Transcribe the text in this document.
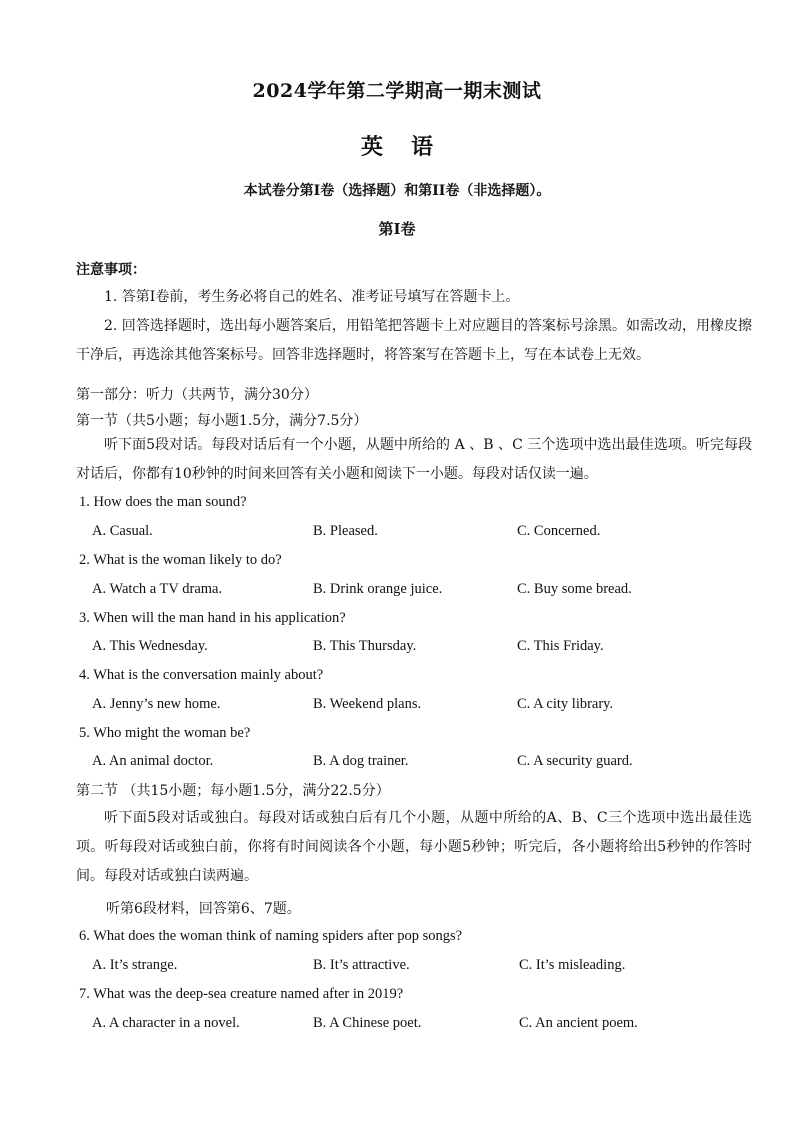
2024学年第二学期高一期末测试
英语
本试卷分第I卷（选择题）和第II卷（非选择题）。
第I卷
注意事项：
1. 答第I卷前，考生务必将自己的姓名、准考证号填写在答题卡上。
2. 回答选择题时，选出每小题答案后，用铅笔把答题卡上对应题目的答案标号涂黑。如需改动，用橡皮擦干净后，再选涂其他答案标号。回答非选择题时，将答案写在答题卡上，写在本试卷上无效。
第一部分：听力（共两节，满分30分）
第一节（共5小题；每小题1.5分，满分7.5分）
听下面5段对话。每段对话后有一个小题，从题中所给的 A 、B 、C 三个选项中选出最佳选项。听完每段对话后，你都有10秒钟的时间来回答有关小题和阅读下一小题。每段对话仅读一遍。
1. How does the man sound?
A. Casual.	B. Pleased.	C. Concerned.
2. What is the woman likely to do?
A. Watch a TV drama.	B. Drink orange juice.	C. Buy some bread.
3. When will the man hand in his application?
A. This Wednesday.	B. This Thursday.	C. This Friday.
4. What is the conversation mainly about?
A. Jenny’s new home.	B. Weekend plans.	C. A city library.
5. Who might the woman be?
A. An animal doctor.	B. A dog trainer.	C. A security guard.
第二节 （共15小题；每小题1.5分，满分22.5分）
听下面5段对话或独白。每段对话或独白后有几个小题，从题中所给的A、B、C三个选项中选出最佳选项。听每段对话或独白前，你将有时间阅读各个小题，每小题5秒钟；听完后，各小题将给出5秒钟的作答时间。每段对话或独白读两遍。
听第6段材料，回答第6、7题。
6. What does the woman think of naming spiders after pop songs?
A. It’s strange.	B. It’s attractive.	C. It’s misleading.
7. What was the deep-sea creature named after in 2019?
A. A character in a novel.	B. A Chinese poet.	C. An ancient poem.
